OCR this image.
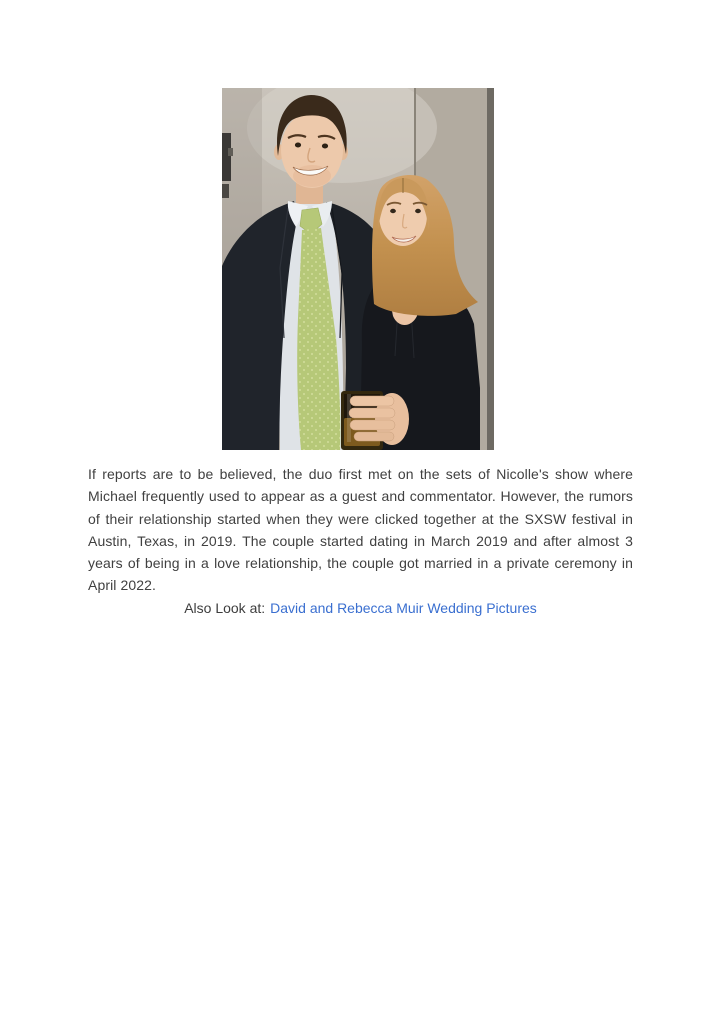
If reports are to be believed, the duo first met on the sets of Nicolle's show where Michael frequently used to appear as a guest and commentator. However, the rumors of their relationship started when they were clicked together at the SXSW festival in Austin, Texas, in 2019. The couple started dating in March 2019 and after almost 3 years of being in a love relationship, the couple got married in a private ceremony in April 2022.

Also Look at: David and Rebecca Muir Wedding Pictures
